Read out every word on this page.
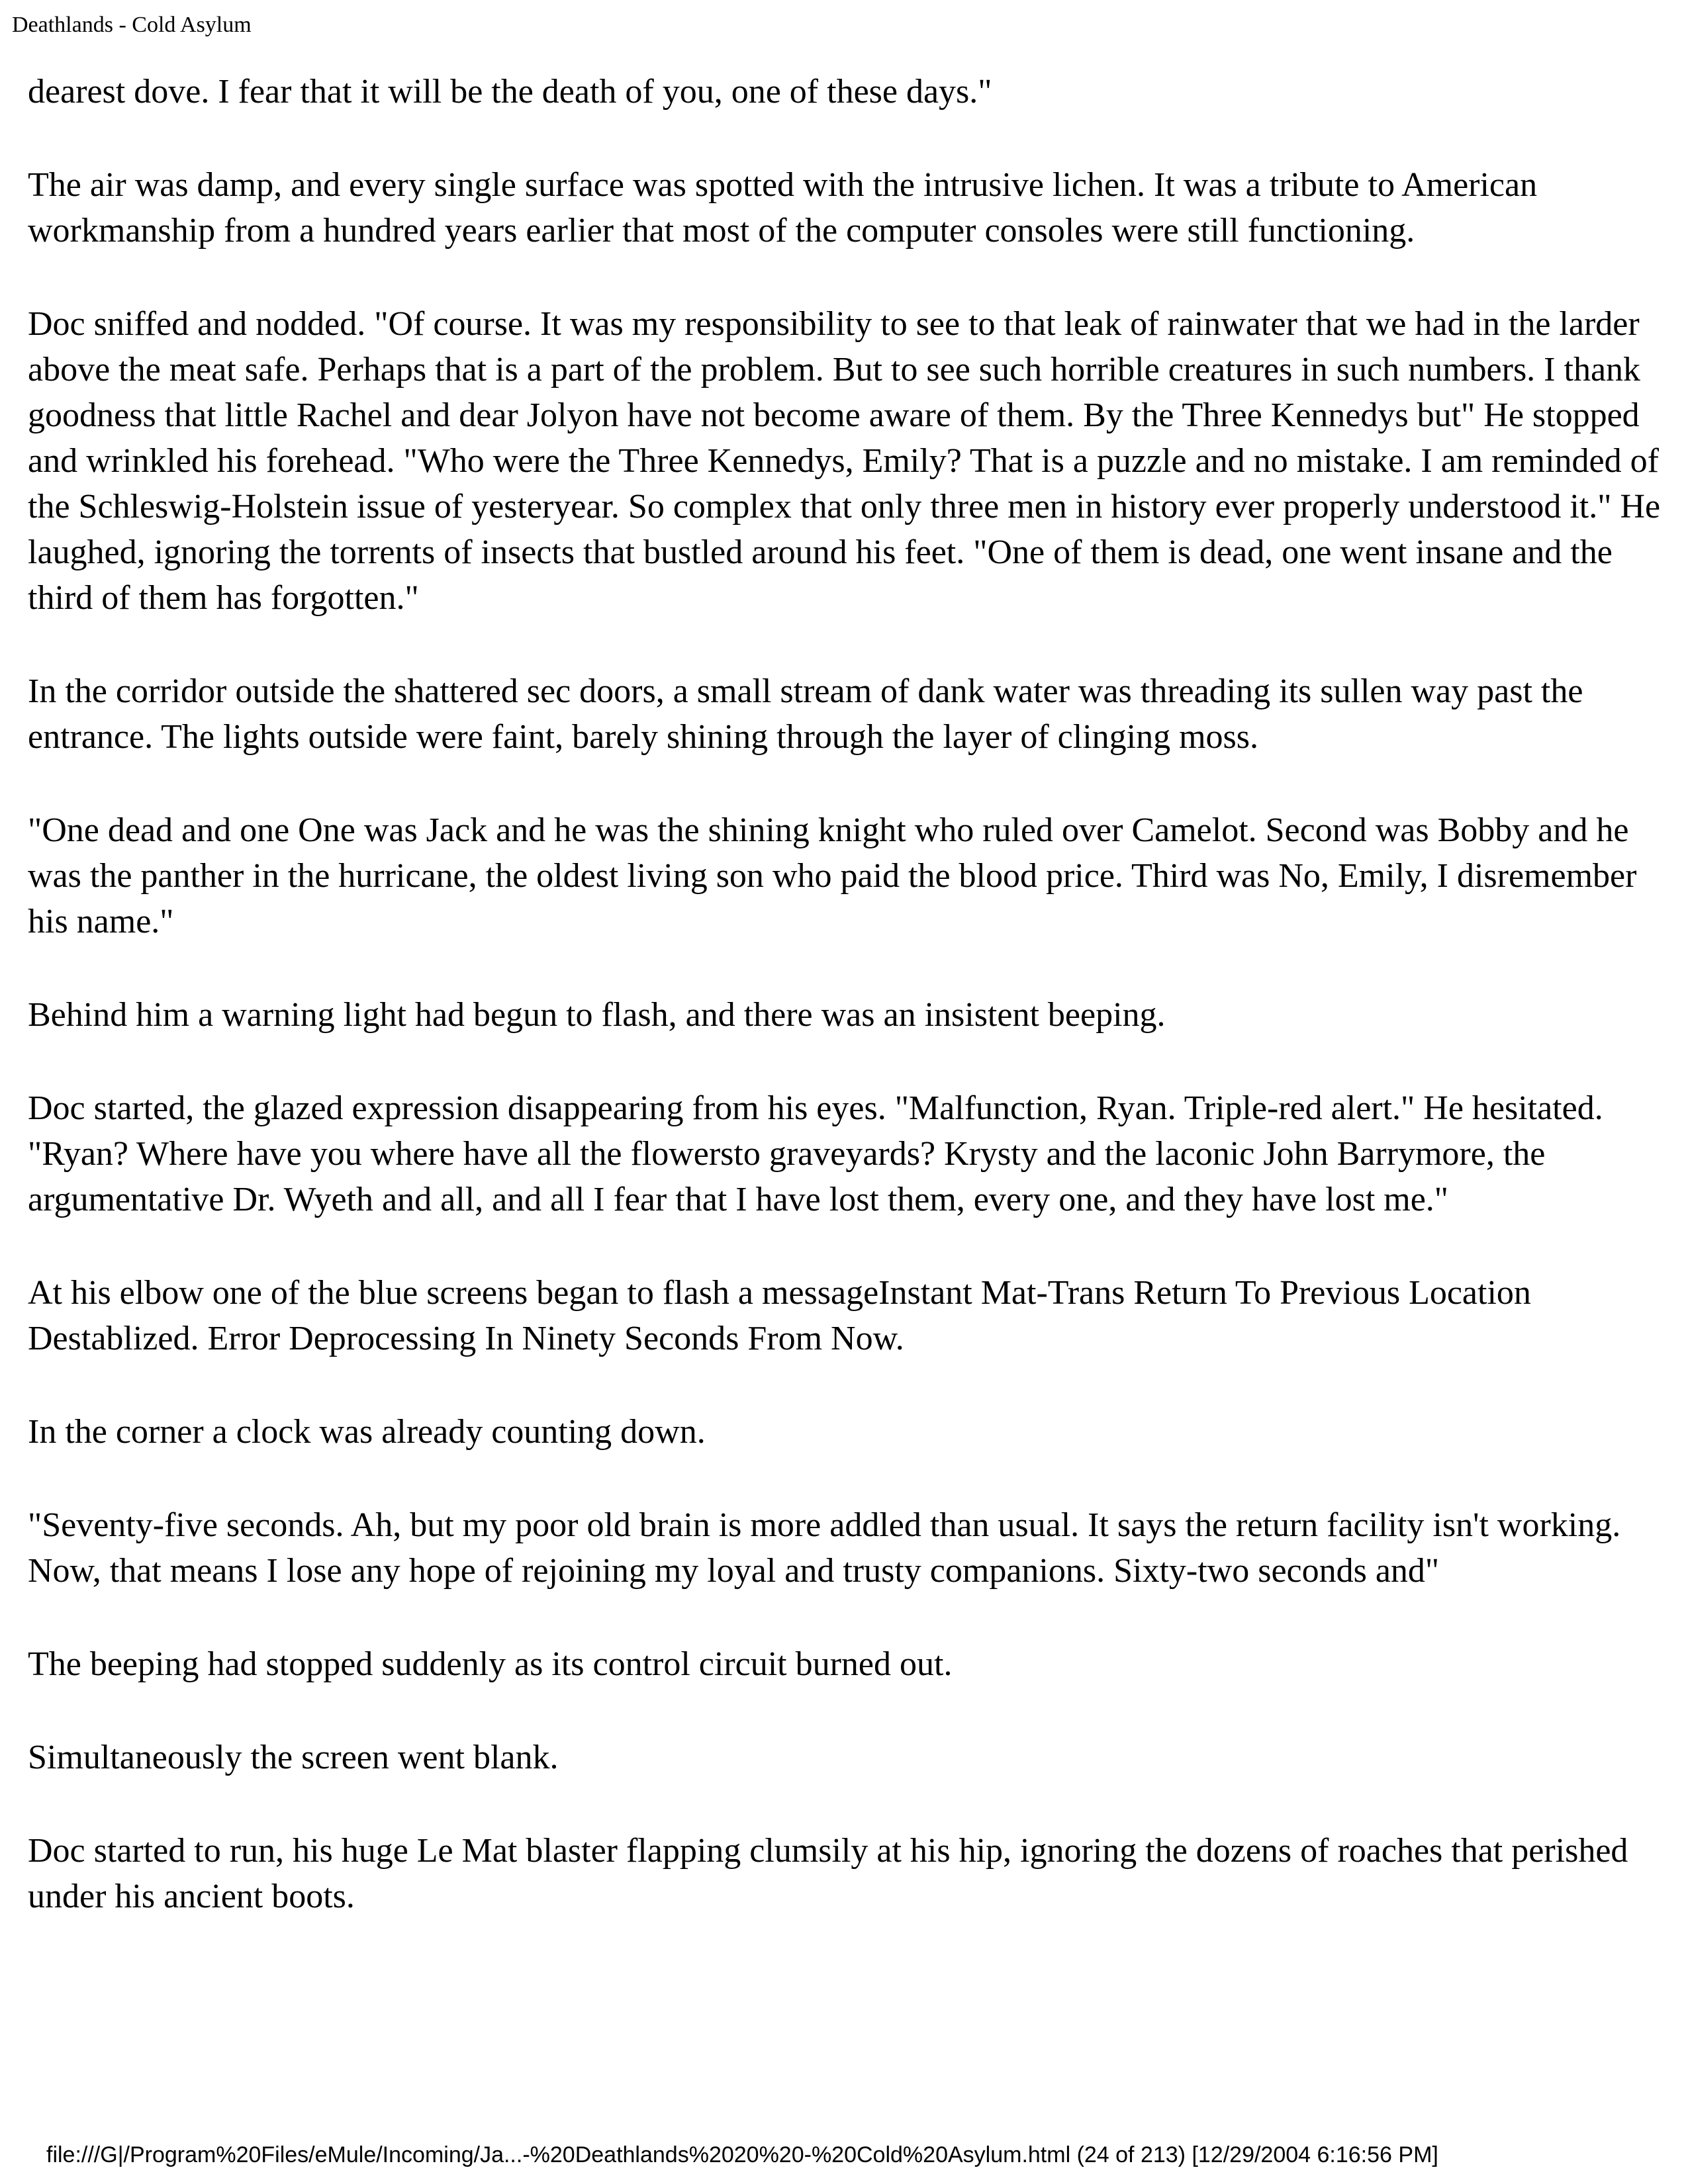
Deathlands - Cold Asylum

dearest dove. I fear that it will be the death of you, one of these days."

The air was damp, and every single surface was spotted with the intrusive lichen. It was a tribute to American workmanship from a hundred years earlier that most of the computer consoles were still functioning.

Doc sniffed and nodded. "Of course. It was my responsibility to see to that leak of rainwater that we had in the larder above the meat safe. Perhaps that is a part of the problem. But to see such horrible creatures in such numbers. I thank goodness that little Rachel and dear Jolyon have not become aware of them. By the Three Kennedys but" He stopped and wrinkled his forehead. "Who were the Three Kennedys, Emily? That is a puzzle and no mistake. I am reminded of the Schleswig-Holstein issue of yesteryear. So complex that only three men in history ever properly understood it." He laughed, ignoring the torrents of insects that bustled around his feet. "One of them is dead, one went insane and the third of them has forgotten."

In the corridor outside the shattered sec doors, a small stream of dank water was threading its sullen way past the entrance. The lights outside were faint, barely shining through the layer of clinging moss.

"One dead and one One was Jack and he was the shining knight who ruled over Camelot. Second was Bobby and he was the panther in the hurricane, the oldest living son who paid the blood price. Third was No, Emily, I disremember his name."

Behind him a warning light had begun to flash, and there was an insistent beeping.

Doc started, the glazed expression disappearing from his eyes. "Malfunction, Ryan. Triple-red alert." He hesitated. "Ryan? Where have you where have all the flowersto graveyards? Krysty and the laconic John Barrymore, the argumentative Dr. Wyeth and all, and all I fear that I have lost them, every one, and they have lost me."

At his elbow one of the blue screens began to flash a messageInstant Mat-Trans Return To Previous Location Destablized. Error Deprocessing In Ninety Seconds From Now.

In the corner a clock was already counting down.

"Seventy-five seconds. Ah, but my poor old brain is more addled than usual. It says the return facility isn't working. Now, that means I lose any hope of rejoining my loyal and trusty companions. Sixty-two seconds and"

The beeping had stopped suddenly as its control circuit burned out.

Simultaneously the screen went blank.

Doc started to run, his huge Le Mat blaster flapping clumsily at his hip, ignoring the dozens of roaches that perished under his ancient boots.

file:///G|/Program%20Files/eMule/Incoming/Ja...-%20Deathlands%2020%20-%20Cold%20Asylum.html (24 of 213) [12/29/2004 6:16:56 PM]
